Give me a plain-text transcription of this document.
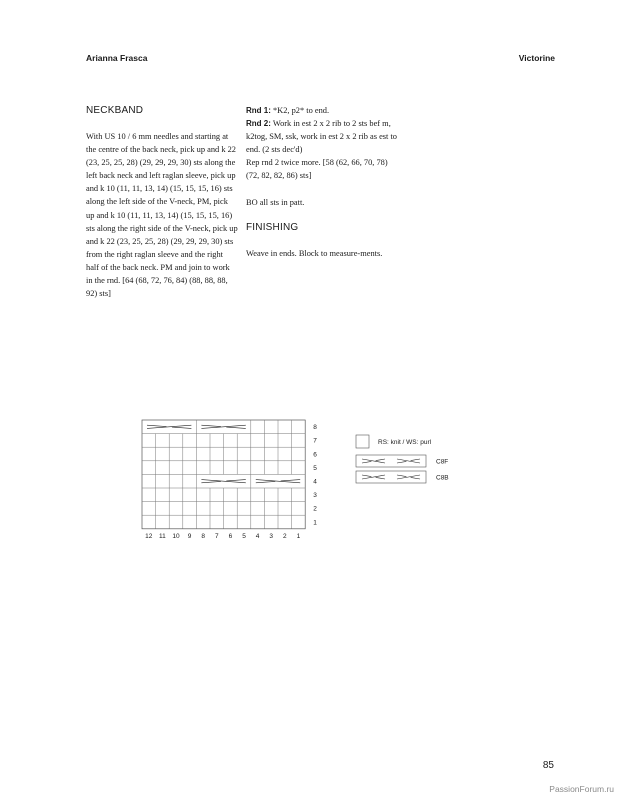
Arianna Frasca	Victorine
NECKBAND

With US 10 / 6 mm needles and starting at the centre of the back neck, pick up and k 22 (23, 25, 25, 28) (29, 29, 29, 30) sts along the left back neck and left raglan sleeve, pick up and k 10 (11, 11, 13, 14) (15, 15, 15, 16) sts along the left side of the V-neck, PM, pick up and k 10 (11, 11, 13, 14) (15, 15, 15, 16) sts along the right side of the V-neck, pick up and k 22 (23, 25, 25, 28) (29, 29, 29, 30) sts from the right raglan sleeve and the right half of the back neck. PM and join to work in the rnd. [64 (68, 72, 76, 84) (88, 88, 88, 92) sts]

Rnd 1: *K2, p2* to end.

Rnd 2: Work in est 2 x 2 rib to 2 sts bef m, k2tog, SM, ssk, work in est 2 x 2 rib as est to end. (2 sts dec'd)

Rep rnd 2 twice more. [58 (62, 66, 70, 78) (72, 82, 82, 86) sts]

BO all sts in patt.

FINISHING

Weave in ends. Block to measure-ments.

12 11 10 9 8 7 6 5 4 3 2 1
8
7
6
5
4
3
2
1
RS: knit / WS: purl
C8F
C8B
85
PassionForum.ru
